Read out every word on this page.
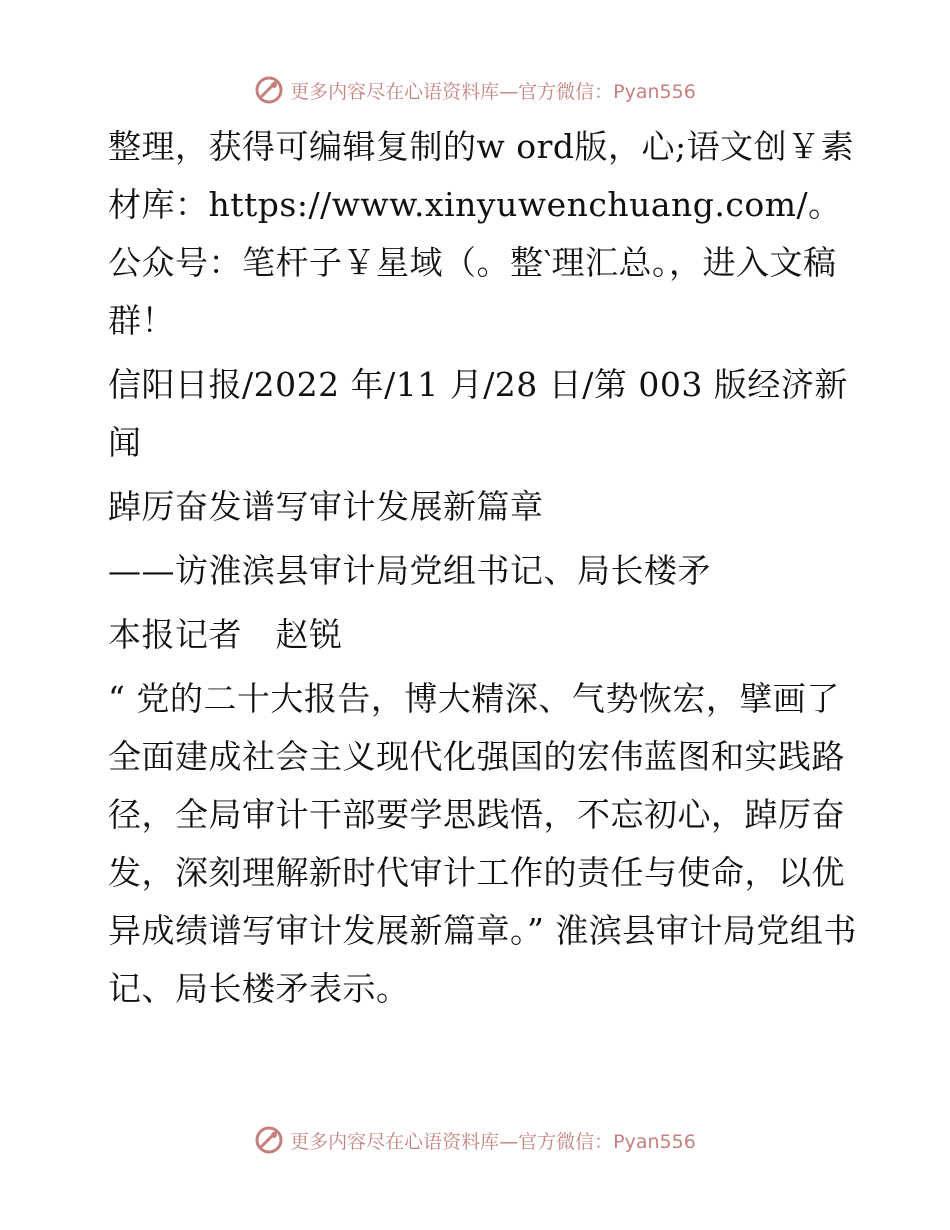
更多内容尽在心语资料库—官方微信：Pyan556

整理，获得可编辑复制的w ord版，心;语文创￥素材库：https://www.xinyuwenchuang.com/。公众号：笔杆子￥星域（。整‵理汇总。，进入文稿群！

信阳日报/2022 年/11 月/28 日/第 003 版经济新闻

踔厉奋发谱写审计发展新篇章

——访淮滨县审计局党组书记、局长楼矛

本报记者　赵锐

“ 党的二十大报告，博大精深、气势恢宏，擘画了全面建成社会主义现代化强国的宏伟蓝图和实践路径，全局审计干部要学思践悟，不忘初心，踔厉奋发，深刻理解新时代审计工作的责任与使命，以优异成绩谱写审计发展新篇章。” 淮滨县审计局党组书记、局长楼矛表示。

更多内容尽在心语资料库—官方微信：Pyan556
